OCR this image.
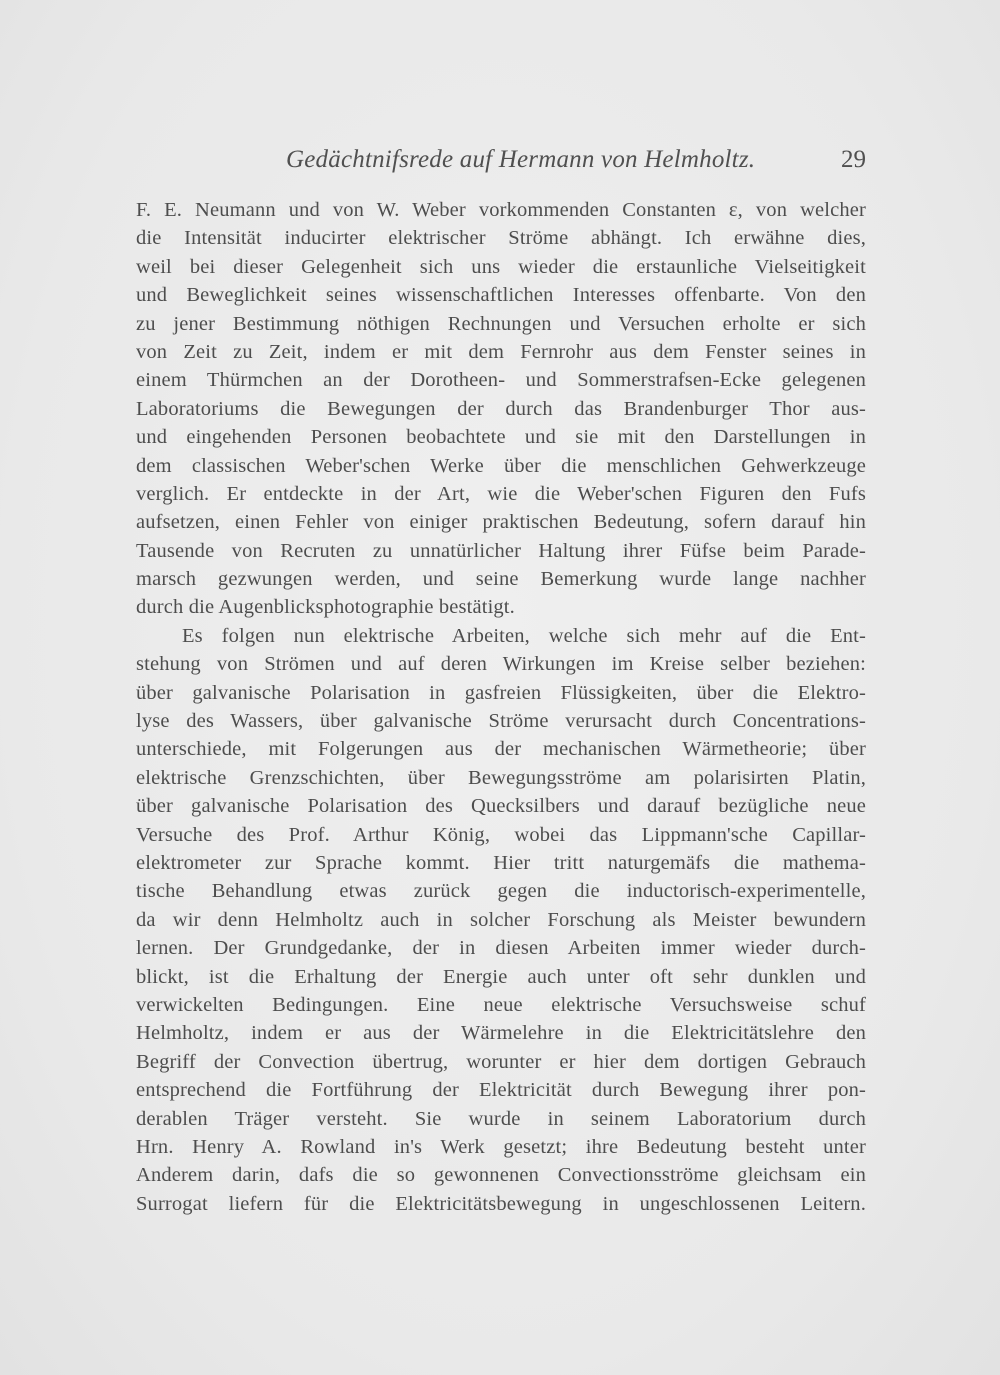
Gedächtnifsrede auf Hermann von Helmholtz.	29
F. E. Neumann und von W. Weber vorkommenden Constanten ε, von welcher
die Intensität inducirter elektrischer Ströme abhängt. Ich erwähne dies,
weil bei dieser Gelegenheit sich uns wieder die erstaunliche Vielseitigkeit
und Beweglichkeit seines wissenschaftlichen Interesses offenbarte. Von den
zu jener Bestimmung nöthigen Rechnungen und Versuchen erholte er sich
von Zeit zu Zeit, indem er mit dem Fernrohr aus dem Fenster seines in
einem Thürmchen an der Dorotheen- und Sommerstrafsen-Ecke gelegenen
Laboratoriums die Bewegungen der durch das Brandenburger Thor aus-
und eingehenden Personen beobachtete und sie mit den Darstellungen in
dem classischen Weber'schen Werke über die menschlichen Gehwerkzeuge
verglich. Er entdeckte in der Art, wie die Weber'schen Figuren den Fufs
aufsetzen, einen Fehler von einiger praktischen Bedeutung, sofern darauf hin
Tausende von Recruten zu unnatürlicher Haltung ihrer Füfse beim Parade-
marsch gezwungen werden, und seine Bemerkung wurde lange nachher
durch die Augenblicksphotographie bestätigt.
Es folgen nun elektrische Arbeiten, welche sich mehr auf die Ent-
stehung von Strömen und auf deren Wirkungen im Kreise selber beziehen:
über galvanische Polarisation in gasfreien Flüssigkeiten, über die Elektro-
lyse des Wassers, über galvanische Ströme verursacht durch Concentrations-
unterschiede, mit Folgerungen aus der mechanischen Wärmetheorie; über
elektrische Grenzschichten, über Bewegungsströme am polarisirten Platin,
über galvanische Polarisation des Quecksilbers und darauf bezügliche neue
Versuche des Prof. Arthur König, wobei das Lippmann'sche Capillar-
elektrometer zur Sprache kommt. Hier tritt naturgemäfs die mathema-
tische Behandlung etwas zurück gegen die inductorisch-experimentelle,
da wir denn Helmholtz auch in solcher Forschung als Meister bewundern
lernen. Der Grundgedanke, der in diesen Arbeiten immer wieder durch-
blickt, ist die Erhaltung der Energie auch unter oft sehr dunklen und
verwickelten Bedingungen. Eine neue elektrische Versuchsweise schuf
Helmholtz, indem er aus der Wärmelehre in die Elektricitätslehre den
Begriff der Convection übertrug, worunter er hier dem dortigen Gebrauch
entsprechend die Fortführung der Elektricität durch Bewegung ihrer pon-
derablen Träger versteht. Sie wurde in seinem Laboratorium durch
Hrn. Henry A. Rowland in's Werk gesetzt; ihre Bedeutung besteht unter
Anderem darin, dafs die so gewonnenen Convectionsströme gleichsam ein
Surrogat liefern für die Elektricitätsbewegung in ungeschlossenen Leitern.
